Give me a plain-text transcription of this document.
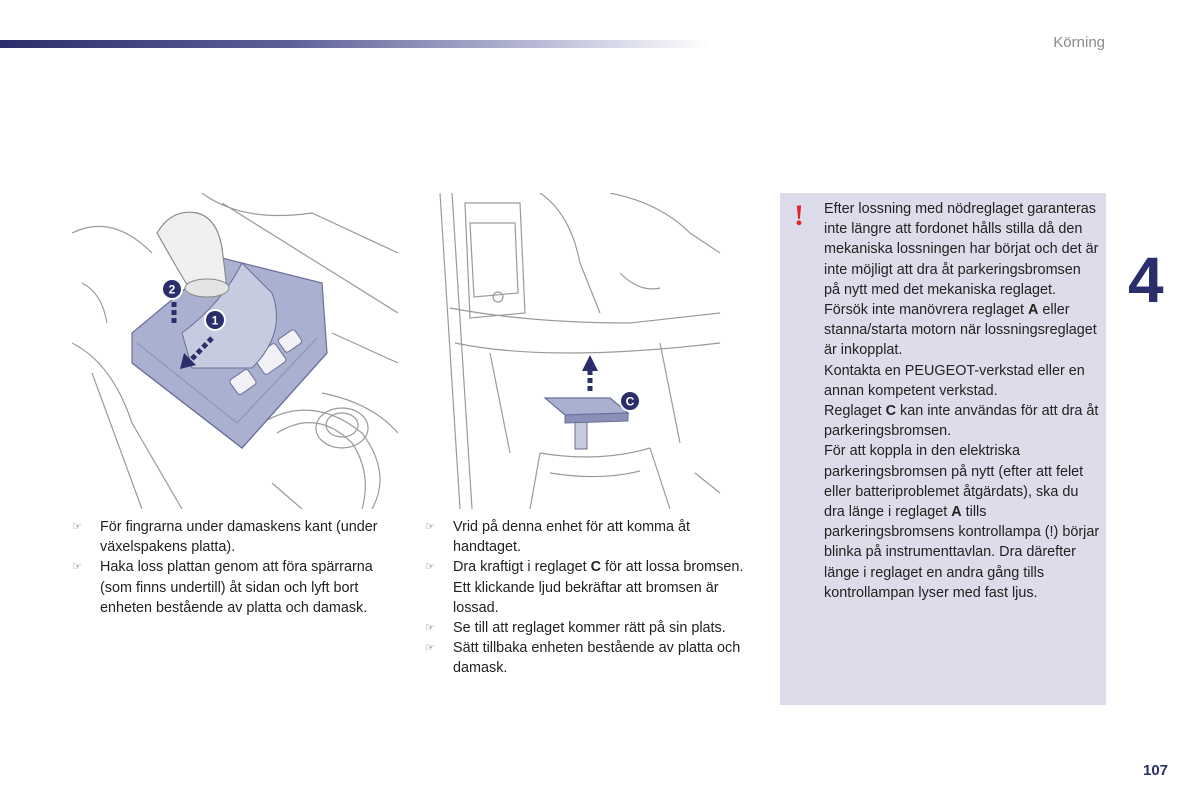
Körning
4
2
1
C
☞ För fingrarna under damaskens kant (under växelspakens platta).
☞ Haka loss plattan genom att föra spärrarna (som finns undertill) åt sidan och lyft bort enheten bestående av platta och damask.
☞ Vrid på denna enhet för att komma åt handtaget.
☞ Dra kraftigt i reglaget C för att lossa bromsen. Ett klickande ljud bekräftar att bromsen är lossad.
☞ Se till att reglaget kommer rätt på sin plats.
☞ Sätt tillbaka enheten bestående av platta och damask.
! Efter lossning med nödreglaget garanteras inte längre att fordonet hålls stilla då den mekaniska lossningen har börjat och det är inte möjligt att dra åt parkeringsbromsen på nytt med det mekaniska reglaget.

Försök inte manövrera reglaget A eller stanna/starta motorn när lossningsreglaget är inkopplat.

Kontakta en PEUGEOT-verkstad eller en annan kompetent verkstad.

Reglaget C kan inte användas för att dra åt parkeringsbromsen.

För att koppla in den elektriska parkeringsbromsen på nytt (efter att felet eller batteriproblemet åtgärdats), ska du dra länge i reglaget A tills parkeringsbromsens kontrollampa (!) börjar blinka på instrumenttavlan. Dra därefter länge i reglaget en andra gång tills kontrollampan lyser med fast ljus.

107
